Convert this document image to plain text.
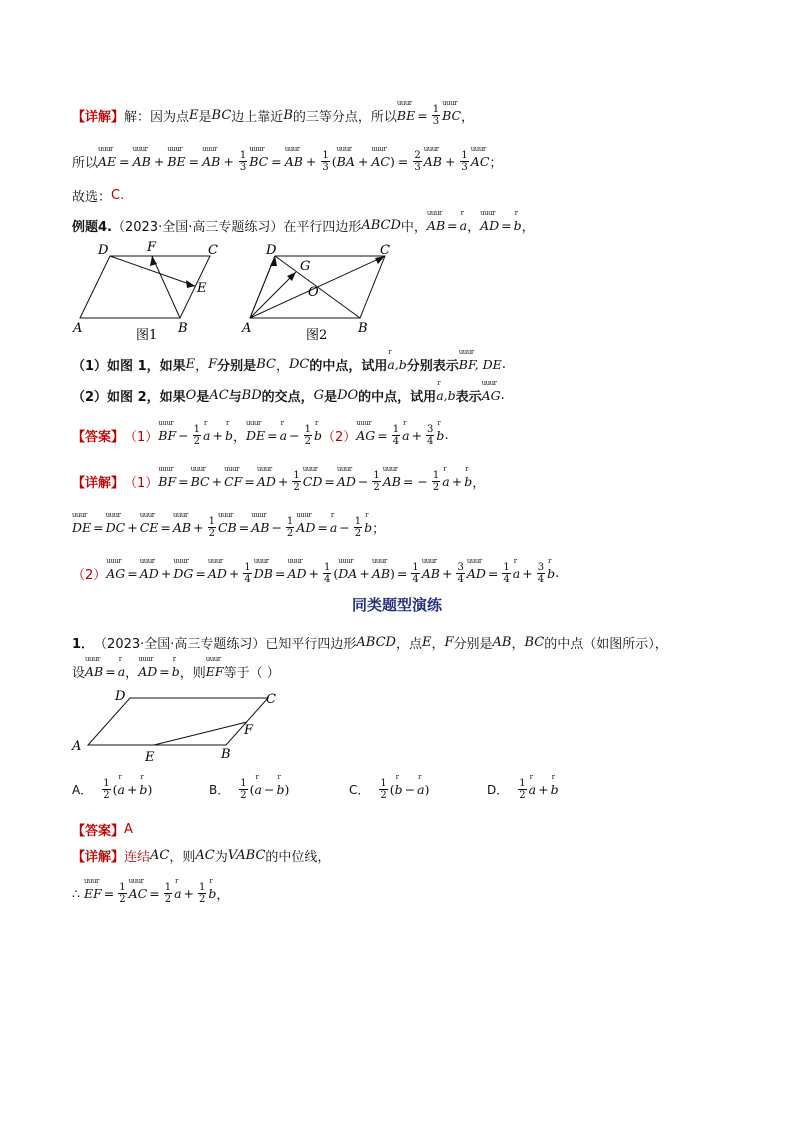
【详解】 解：因为点 E 是 BC 边上靠近 B 的三等分点，所以 uuur BE = $\frac{1}{3}$ uuur BC ，
所以 uuur AE = uuur AB + uuur BE = uuur AB + $\frac{1}{3}$ uuur BC = uuur AB + $\frac{1}{3}$ ( uuur BA + uuur AC ) = $\frac{2}{3}$ uuur AB + $\frac{1}{3}$ uuur AC ；
故选： C.
例题4. （2023·全国·高三专题练习）在平行四边形 ABCD 中， uuur AB = r a ， uuur AD = r b ，
D	F	C
E
A	B
图1
D	C
G
O
A	B
图2
（1）如图 1，如果 E ， F 分别是 BC ， DC 的中点，试用 r a,b 分别表示 uuur BF, DE .
（2）如图 2，如果 O 是 AC 与 BD 的交点， G 是 DO 的中点，试用 r a,b 表示 uuur AG .
【答案】 （1） uuur BF − $\frac{1}{2}$ r a + r b ， uuur DE = r $a - \frac{1}{2}$ r b （2） uuur AG = $\frac{1}{4}$ r $a + \frac{3}{4}$ r b .
【详解】 （1） uuur BF = uuur BC + uuur CF = uuur AD + $\frac{1}{2}$ uuur CD = uuur AD − $\frac{1}{2}$ uuur AB = − $\frac{1}{2}$ r a + r b ，
uuur DE = uuur DC + uuur CE = uuur AB + $\frac{1}{2}$ uuur CB = uuur AB − $\frac{1}{2}$ uuur AD = r $a - \frac{1}{2}$ r b ；
（2） uuur AG = uuur AD + uuur DG = uuur AD + $\frac{1}{4}$ uuur DB = uuur AD + $\frac{1}{4}$ ( uuur DA + uuur AB ) = $\frac{1}{4}$ uuur AB + $\frac{3}{4}$ uuur AD = $\frac{1}{4}$ r $a + \frac{3}{4}$ r b .
同类题型演练
1． （2023·全国·高三专题练习）已知平行四边形 ABCD ，点 E ， F 分别是 AB ， BC 的中点（如图所示），
设 uuur AB = r a ， uuur AD = r b ，则 uuur EF 等于（ ）
D	C
F
A
E	B
A． $\frac{1}{2}$ ( r a + r b )	B． $\frac{1}{2}$ ( r a − r b )	C． $\frac{1}{2}$ ( r b − r a )	D． $\frac{1}{2}$ r a + r b
【答案】 A
【详解】 连结 AC ，则 AC 为 VABC 的中位线，
∴ uuur EF = $\frac{1}{2}$ uuur AC = $\frac{1}{2}$ r $a + \frac{1}{2}$ r b ，
